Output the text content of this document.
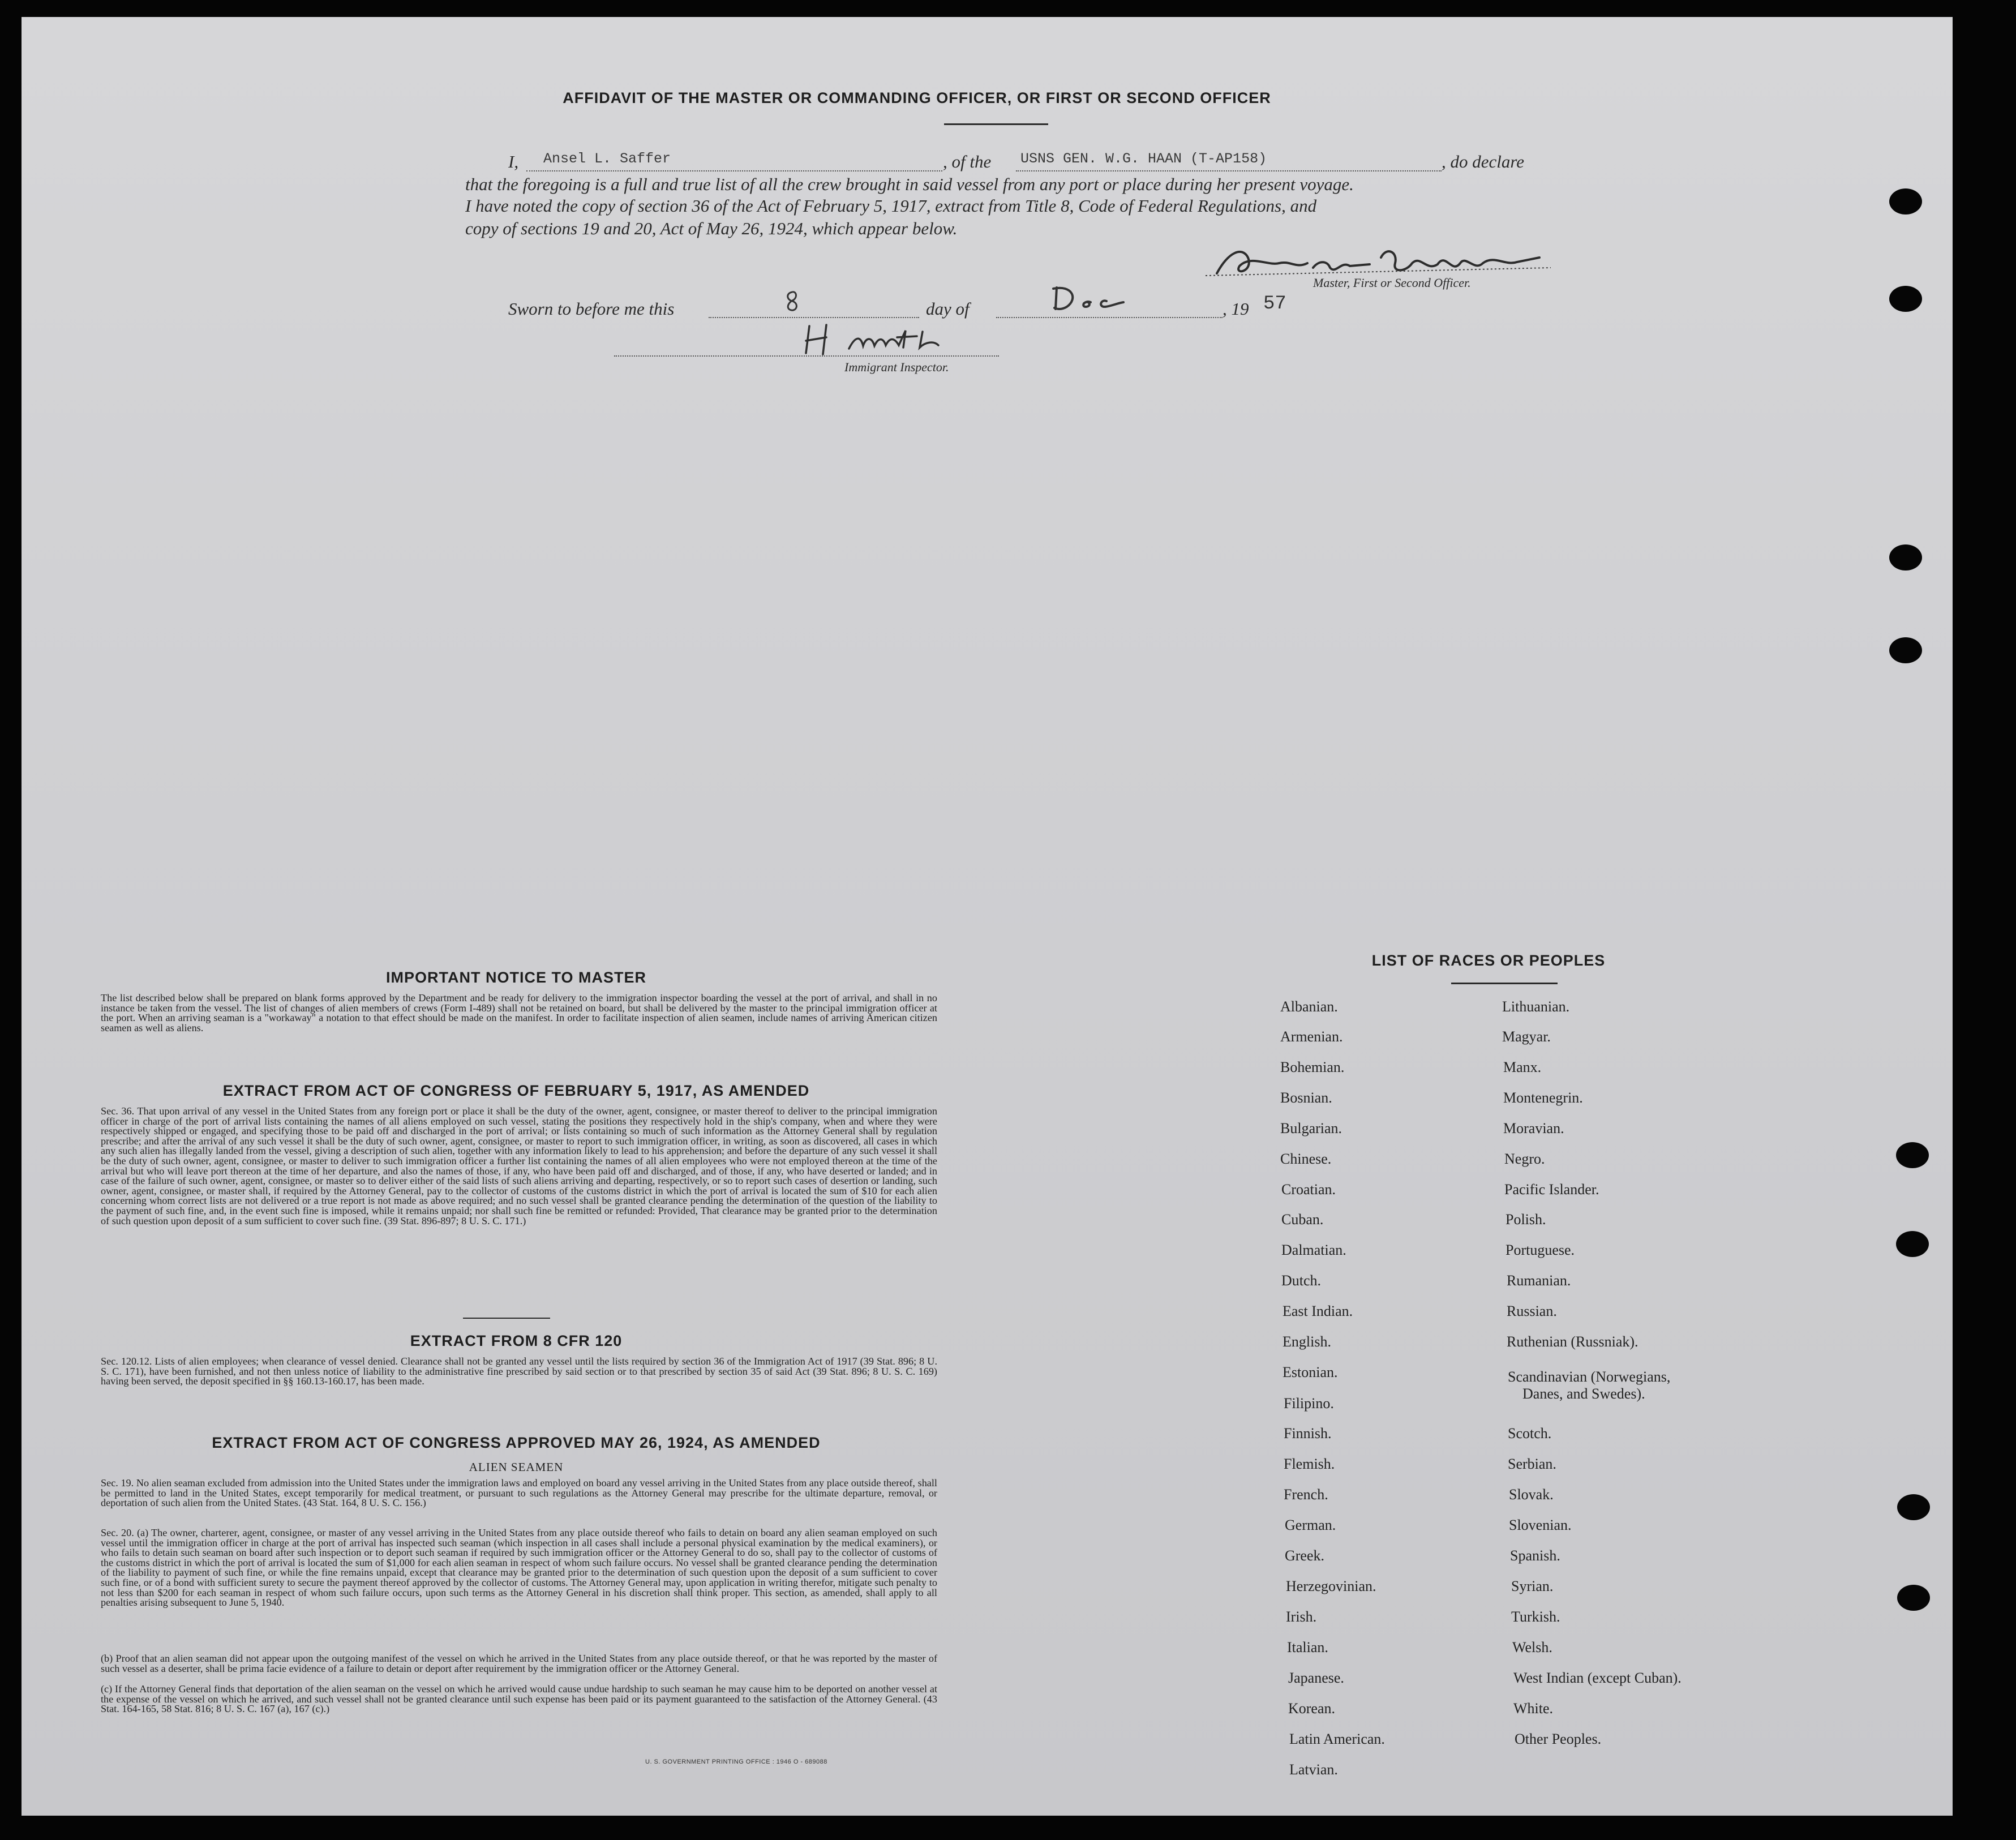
AFFIDAVIT OF THE MASTER OR COMMANDING OFFICER, OR FIRST OR SECOND OFFICER
I, Ansel L. Saffer	, of the USNS GEN. W.G. HAAN (T-AP158)	, do declare
that the foregoing is a full and true list of all the crew brought in said vessel from any port or place during her present voyage.
I have noted the copy of section 36 of the Act of February 5, 1917, extract from Title 8, Code of Federal Regulations, and
copy of sections 19 and 20, Act of May 26, 1924, which appear below.
Master, First or Second Officer.
Sworn to before me this	day of	, 19 57
Immigrant Inspector.
IMPORTANT NOTICE TO MASTER
The list described below shall be prepared on blank forms approved by the Department and be ready for delivery to the immigration inspector boarding the vessel at the port of arrival, and shall in no instance be taken from the vessel. The list of changes of alien members of crews (Form I-489) shall not be retained on board, but shall be delivered by the master to the principal immigration officer at the port. When an arriving seaman is a "workaway" a notation to that effect should be made on the manifest. In order to facilitate inspection of alien seamen, include names of arriving American citizen seamen as well as aliens.
EXTRACT FROM ACT OF CONGRESS OF FEBRUARY 5, 1917, AS AMENDED
Sec. 36. That upon arrival of any vessel in the United States from any foreign port or place it shall be the duty of the owner, agent, consignee, or master thereof to deliver to the principal immigration officer in charge of the port of arrival lists containing the names of all aliens employed on such vessel, stating the positions they respectively hold in the ship's company, when and where they were respectively shipped or engaged, and specifying those to be paid off and discharged in the port of arrival; or lists containing so much of such information as the Attorney General shall by regulation prescribe; and after the arrival of any such vessel it shall be the duty of such owner, agent, consignee, or master to report to such immigration officer, in writing, as soon as discovered, all cases in which any such alien has illegally landed from the vessel, giving a description of such alien, together with any information likely to lead to his apprehension; and before the departure of any such vessel it shall be the duty of such owner, agent, consignee, or master to deliver to such immigration officer a further list containing the names of all alien employees who were not employed thereon at the time of the arrival but who will leave port thereon at the time of her departure, and also the names of those, if any, who have been paid off and discharged, and of those, if any, who have deserted or landed; and in case of the failure of such owner, agent, consignee, or master so to deliver either of the said lists of such aliens arriving and departing, respectively, or so to report such cases of desertion or landing, such owner, agent, consignee, or master shall, if required by the Attorney General, pay to the collector of customs of the customs district in which the port of arrival is located the sum of $10 for each alien concerning whom correct lists are not delivered or a true report is not made as above required; and no such vessel shall be granted clearance pending the determination of the question of the liability to the payment of such fine, and, in the event such fine is imposed, while it remains unpaid; nor shall such fine be remitted or refunded: Provided, That clearance may be granted prior to the determination of such question upon deposit of a sum sufficient to cover such fine. (39 Stat. 896-897; 8 U. S. C. 171.)
EXTRACT FROM 8 CFR 120
Sec. 120.12. Lists of alien employees; when clearance of vessel denied. Clearance shall not be granted any vessel until the lists required by section 36 of the Immigration Act of 1917 (39 Stat. 896; 8 U. S. C. 171), have been furnished, and not then unless notice of liability to the administrative fine prescribed by said section or to that prescribed by section 35 of said Act (39 Stat. 896; 8 U. S. C. 169) having been served, the deposit specified in §§ 160.13-160.17, has been made.
EXTRACT FROM ACT OF CONGRESS APPROVED MAY 26, 1924, AS AMENDED
ALIEN SEAMEN
Sec. 19. No alien seaman excluded from admission into the United States under the immigration laws and employed on board any vessel arriving in the United States from any place outside thereof, shall be permitted to land in the United States, except temporarily for medical treatment, or pursuant to such regulations as the Attorney General may prescribe for the ultimate departure, removal, or deportation of such alien from the United States. (43 Stat. 164, 8 U. S. C. 156.)
Sec. 20. (a) The owner, charterer, agent, consignee, or master of any vessel arriving in the United States from any place outside thereof who fails to detain on board any alien seaman employed on such vessel until the immigration officer in charge at the port of arrival has inspected such seaman (which inspection in all cases shall include a personal physical examination by the medical examiners), or who fails to detain such seaman on board after such inspection or to deport such seaman if required by such immigration officer or the Attorney General to do so, shall pay to the collector of customs of the customs district in which the port of arrival is located the sum of $1,000 for each alien seaman in respect of whom such failure occurs. No vessel shall be granted clearance pending the determination of the liability to payment of such fine, or while the fine remains unpaid, except that clearance may be granted prior to the determination of such question upon the deposit of a sum sufficient to cover such fine, or of a bond with sufficient surety to secure the payment thereof approved by the collector of customs. The Attorney General may, upon application in writing therefor, mitigate such penalty to not less than $200 for each seaman in respect of whom such failure occurs, upon such terms as the Attorney General in his discretion shall think proper. This section, as amended, shall apply to all penalties arising subsequent to June 5, 1940.
(b) Proof that an alien seaman did not appear upon the outgoing manifest of the vessel on which he arrived in the United States from any place outside thereof, or that he was reported by the master of such vessel as a deserter, shall be prima facie evidence of a failure to detain or deport after requirement by the immigration officer or the Attorney General.
(c) If the Attorney General finds that deportation of the alien seaman on the vessel on which he arrived would cause undue hardship to such seaman he may cause him to be deported on another vessel at the expense of the vessel on which he arrived, and such vessel shall not be granted clearance until such expense has been paid or its payment guaranteed to the satisfaction of the Attorney General. (43 Stat. 164-165, 58 Stat. 816; 8 U. S. C. 167 (a), 167 (c).)
U. S. GOVERNMENT PRINTING OFFICE : 1946 O - 689088
LIST OF RACES OR PEOPLES
Albanian.
Armenian.
Bohemian.
Bosnian.
Bulgarian.
Chinese.
Croatian.
Cuban.
Dalmatian.
Dutch.
East Indian.
English.
Estonian.
Filipino.
Finnish.
Flemish.
French.
German.
Greek.
Herzegovinian.
Irish.
Italian.
Japanese.
Korean.
Latin American.
Latvian.
Lithuanian.
Magyar.
Manx.
Montenegrin.
Moravian.
Negro.
Pacific Islander.
Polish.
Portuguese.
Rumanian.
Russian.
Ruthenian (Russniak).
Scandinavian (Norwegians,
Danes, and Swedes).
Scotch.
Serbian.
Slovak.
Slovenian.
Spanish.
Syrian.
Turkish.
Welsh.
West Indian (except Cuban).
White.
Other Peoples.
